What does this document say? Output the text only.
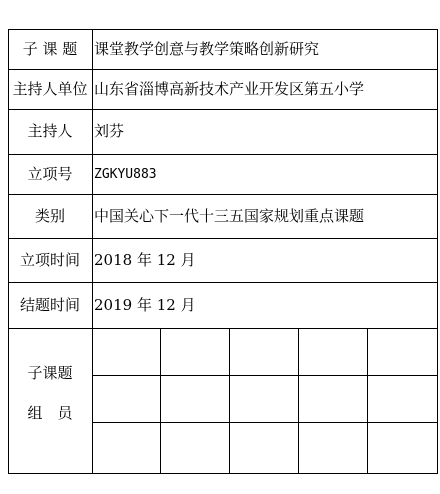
子 课 题
主持人单位
主持人
立项号
类别
立项时间
结题时间
课堂教学创意与教学策略创新研究
山东省淄博高新技术产业开发区第五小学
刘芬
ZGKYU883
中国关心下一代十三五国家规划重点课题
2018 年 12 月
2019 年 12 月
子课题
组　员
